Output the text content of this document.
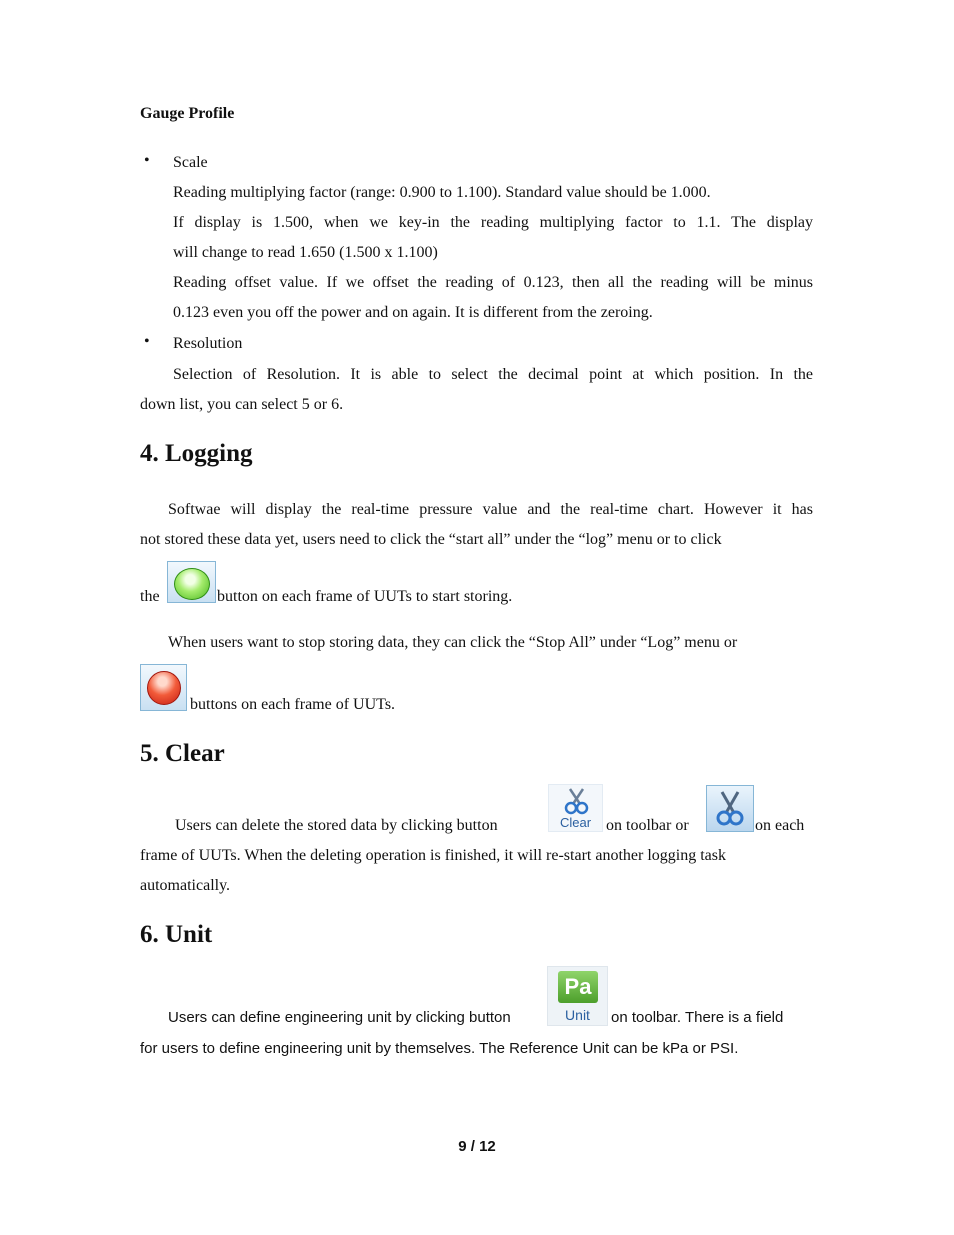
Gauge Profile
• Scale
Reading multiplying factor (range: 0.900 to 1.100). Standard value should be 1.000.
If display is 1.500, when we key-in the reading multiplying factor to 1.1. The display
will change to read 1.650 (1.500 x 1.100)
Reading offset value. If we offset the reading of 0.123, then all the reading will be minus
0.123 even you off the power and on again. It is different from the zeroing.
• Resolution
Selection of Resolution. It is able to select the decimal point at which position. In the
down list, you can select 5 or 6.
4. Logging
Softwae will display the real-time pressure value and the real-time chart. However it has
not stored these data yet, users need to click the “start all” under the “log” menu or to click
the	button on each frame of UUTs to start storing.
When users want to stop storing data, they can click the “Stop All” under “Log” menu or
buttons on each frame of UUTs.
5. Clear
Users can delete the stored data by clicking button	Clear on toolbar or	on each
frame of UUTs. When the deleting operation is finished, it will re-start another logging task
automatically.
6. Unit
Users can define engineering unit by clicking button
Pa
Unit	on toolbar. There is a field
for users to define engineering unit by themselves. The Reference Unit can be kPa or PSI.
9 / 12
